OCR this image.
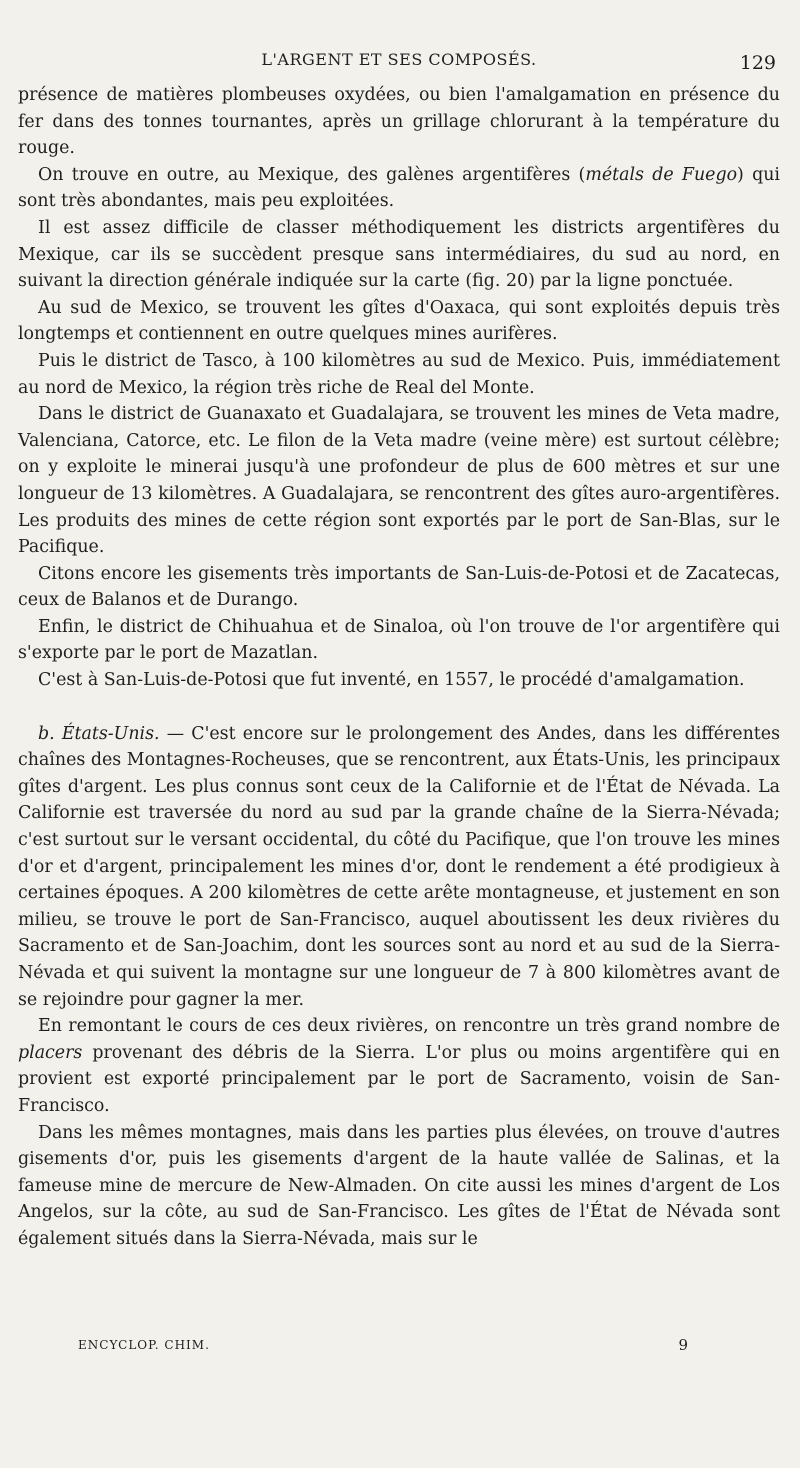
L'ARGENT ET SES COMPOSÉS.	129

présence de matières plombeuses oxydées, ou bien l'amalgamation en présence du fer dans des tonnes tournantes, après un grillage chlorurant à la température du rouge.

On trouve en outre, au Mexique, des galènes argentifères (métals de Fuego) qui sont très abondantes, mais peu exploitées.

Il est assez difficile de classer méthodiquement les districts argentifères du Mexique, car ils se succèdent presque sans intermédiaires, du sud au nord, en suivant la direction générale indiquée sur la carte (fig. 20) par la ligne ponctuée.

Au sud de Mexico, se trouvent les gîtes d'Oaxaca, qui sont exploités depuis très longtemps et contiennent en outre quelques mines aurifères.

Puis le district de Tasco, à 100 kilomètres au sud de Mexico. Puis, immédiatement au nord de Mexico, la région très riche de Real del Monte.

Dans le district de Guanaxato et Guadalajara, se trouvent les mines de Veta madre, Valenciana, Catorce, etc. Le filon de la Veta madre (veine mère) est surtout célèbre; on y exploite le minerai jusqu'à une profondeur de plus de 600 mètres et sur une longueur de 13 kilomètres. A Guadalajara, se rencontrent des gîtes auro-argentifères. Les produits des mines de cette région sont exportés par le port de San-Blas, sur le Pacifique.

Citons encore les gisements très importants de San-Luis-de-Potosi et de Zacatecas, ceux de Balanos et de Durango.

Enfin, le district de Chihuahua et de Sinaloa, où l'on trouve de l'or argentifère qui s'exporte par le port de Mazatlan.

C'est à San-Luis-de-Potosi que fut inventé, en 1557, le procédé d'amalgamation.

b. États-Unis. — C'est encore sur le prolongement des Andes, dans les différentes chaînes des Montagnes-Rocheuses, que se rencontrent, aux États-Unis, les principaux gîtes d'argent. Les plus connus sont ceux de la Californie et de l'État de Névada. La Californie est traversée du nord au sud par la grande chaîne de la Sierra-Névada; c'est surtout sur le versant occidental, du côté du Pacifique, que l'on trouve les mines d'or et d'argent, principalement les mines d'or, dont le rendement a été prodigieux à certaines époques. A 200 kilomètres de cette arête montagneuse, et justement en son milieu, se trouve le port de San-Francisco, auquel aboutissent les deux rivières du Sacramento et de San-Joachim, dont les sources sont au nord et au sud de la Sierra-Névada et qui suivent la montagne sur une longueur de 7 à 800 kilomètres avant de se rejoindre pour gagner la mer.

En remontant le cours de ces deux rivières, on rencontre un très grand nombre de placers provenant des débris de la Sierra. L'or plus ou moins argentifère qui en provient est exporté principalement par le port de Sacramento, voisin de San-Francisco.

Dans les mêmes montagnes, mais dans les parties plus élevées, on trouve d'autres gisements d'or, puis les gisements d'argent de la haute vallée de Salinas, et la fameuse mine de mercure de New-Almaden. On cite aussi les mines d'argent de Los Angelos, sur la côte, au sud de San-Francisco. Les gîtes de l'État de Névada sont également situés dans la Sierra-Névada, mais sur le

ENCYCLOP. CHIM.	9
